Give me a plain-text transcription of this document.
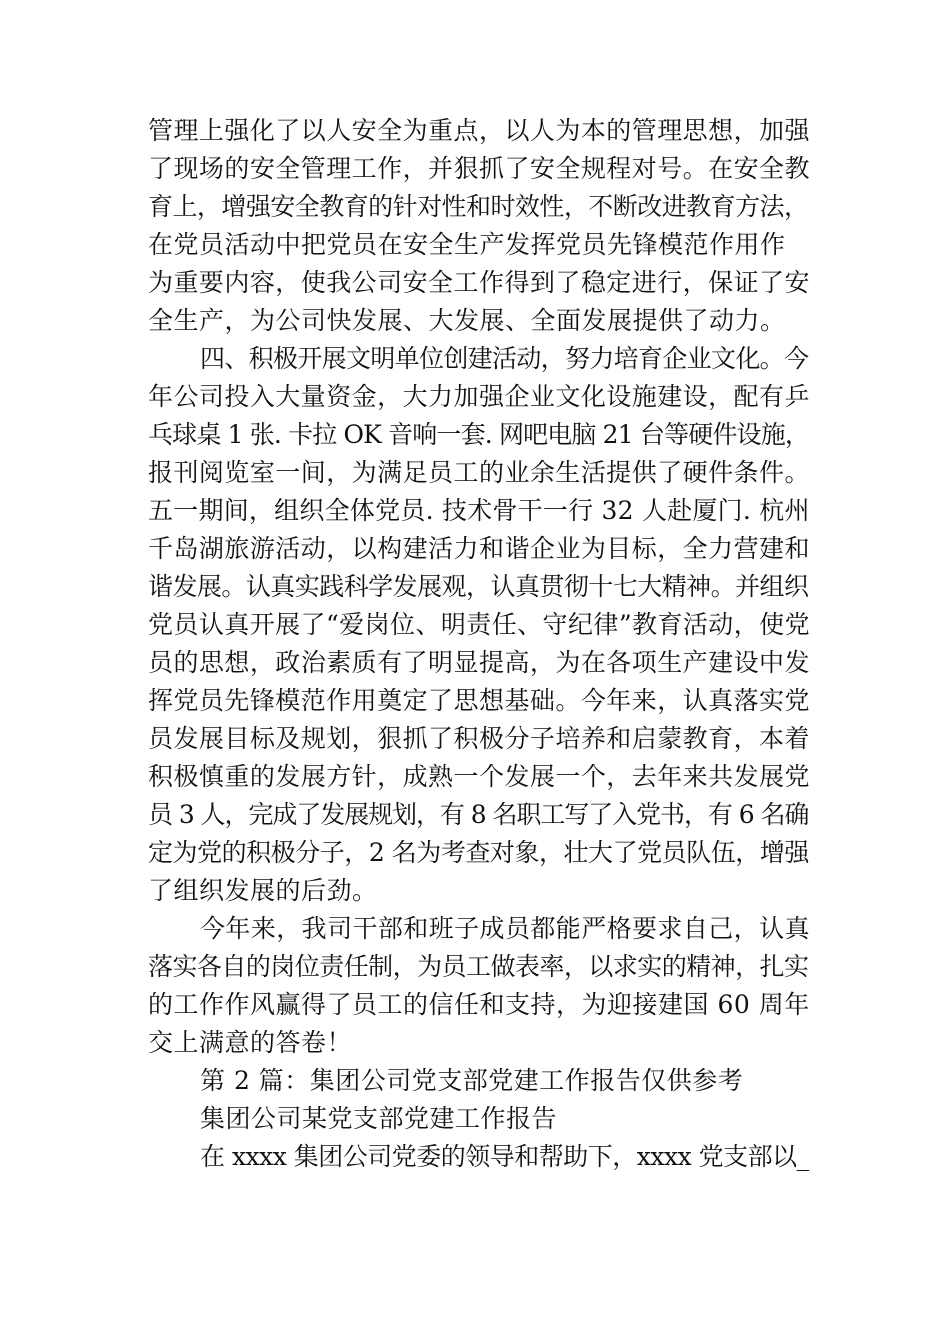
管理上强化了以人安全为重点，以人为本的管理思想，加强
了现场的安全管理工作，并狠抓了安全规程对号。在安全教
育上，增强安全教育的针对性和时效性，不断改进教育方法，
在党员活动中把党员在安全生产发挥党员先锋模范作用作
为重要内容，使我公司安全工作得到了稳定进行，保证了安
全生产，为公司快发展、大发展、全面发展提供了动力。
四、积极开展文明单位创建活动，努力培育企业文化。今
年公司投入大量资金，大力加强企业文化设施建设，配有乒
乓球桌 1 张. 卡拉 OK 音响一套. 网吧电脑 21 台等硬件设施，
报刊阅览室一间，为满足员工的业余生活提供了硬件条件。
五一期间，组织全体党员. 技术骨干一行 32 人赴厦门. 杭州
千岛湖旅游活动，以构建活力和谐企业为目标，全力营建和
谐发展。认真实践科学发展观，认真贯彻十七大精神。并组织
党员认真开展了“爱岗位、明责任、守纪律”教育活动，使党
员的思想，政治素质有了明显提高，为在各项生产建设中发
挥党员先锋模范作用奠定了思想基础。今年来，认真落实党
员发展目标及规划，狠抓了积极分子培养和启蒙教育，本着
积极慎重的发展方针，成熟一个发展一个，去年来共发展党
员 3 人，完成了发展规划，有 8 名职工写了入党书，有 6 名确
定为党的积极分子，2 名为考查对象，壮大了党员队伍，增强
了组织发展的后劲。
今年来，我司干部和班子成员都能严格要求自己，认真
落实各自的岗位责任制，为员工做表率，以求实的精神，扎实
的工作作风赢得了员工的信任和支持，为迎接建国 60 周年
交上满意的答卷！
第 2 篇：集团公司党支部党建工作报告仅供参考
集团公司某党支部党建工作报告
在 xxxx 集团公司党委的领导和帮助下，xxxx 党支部以_
